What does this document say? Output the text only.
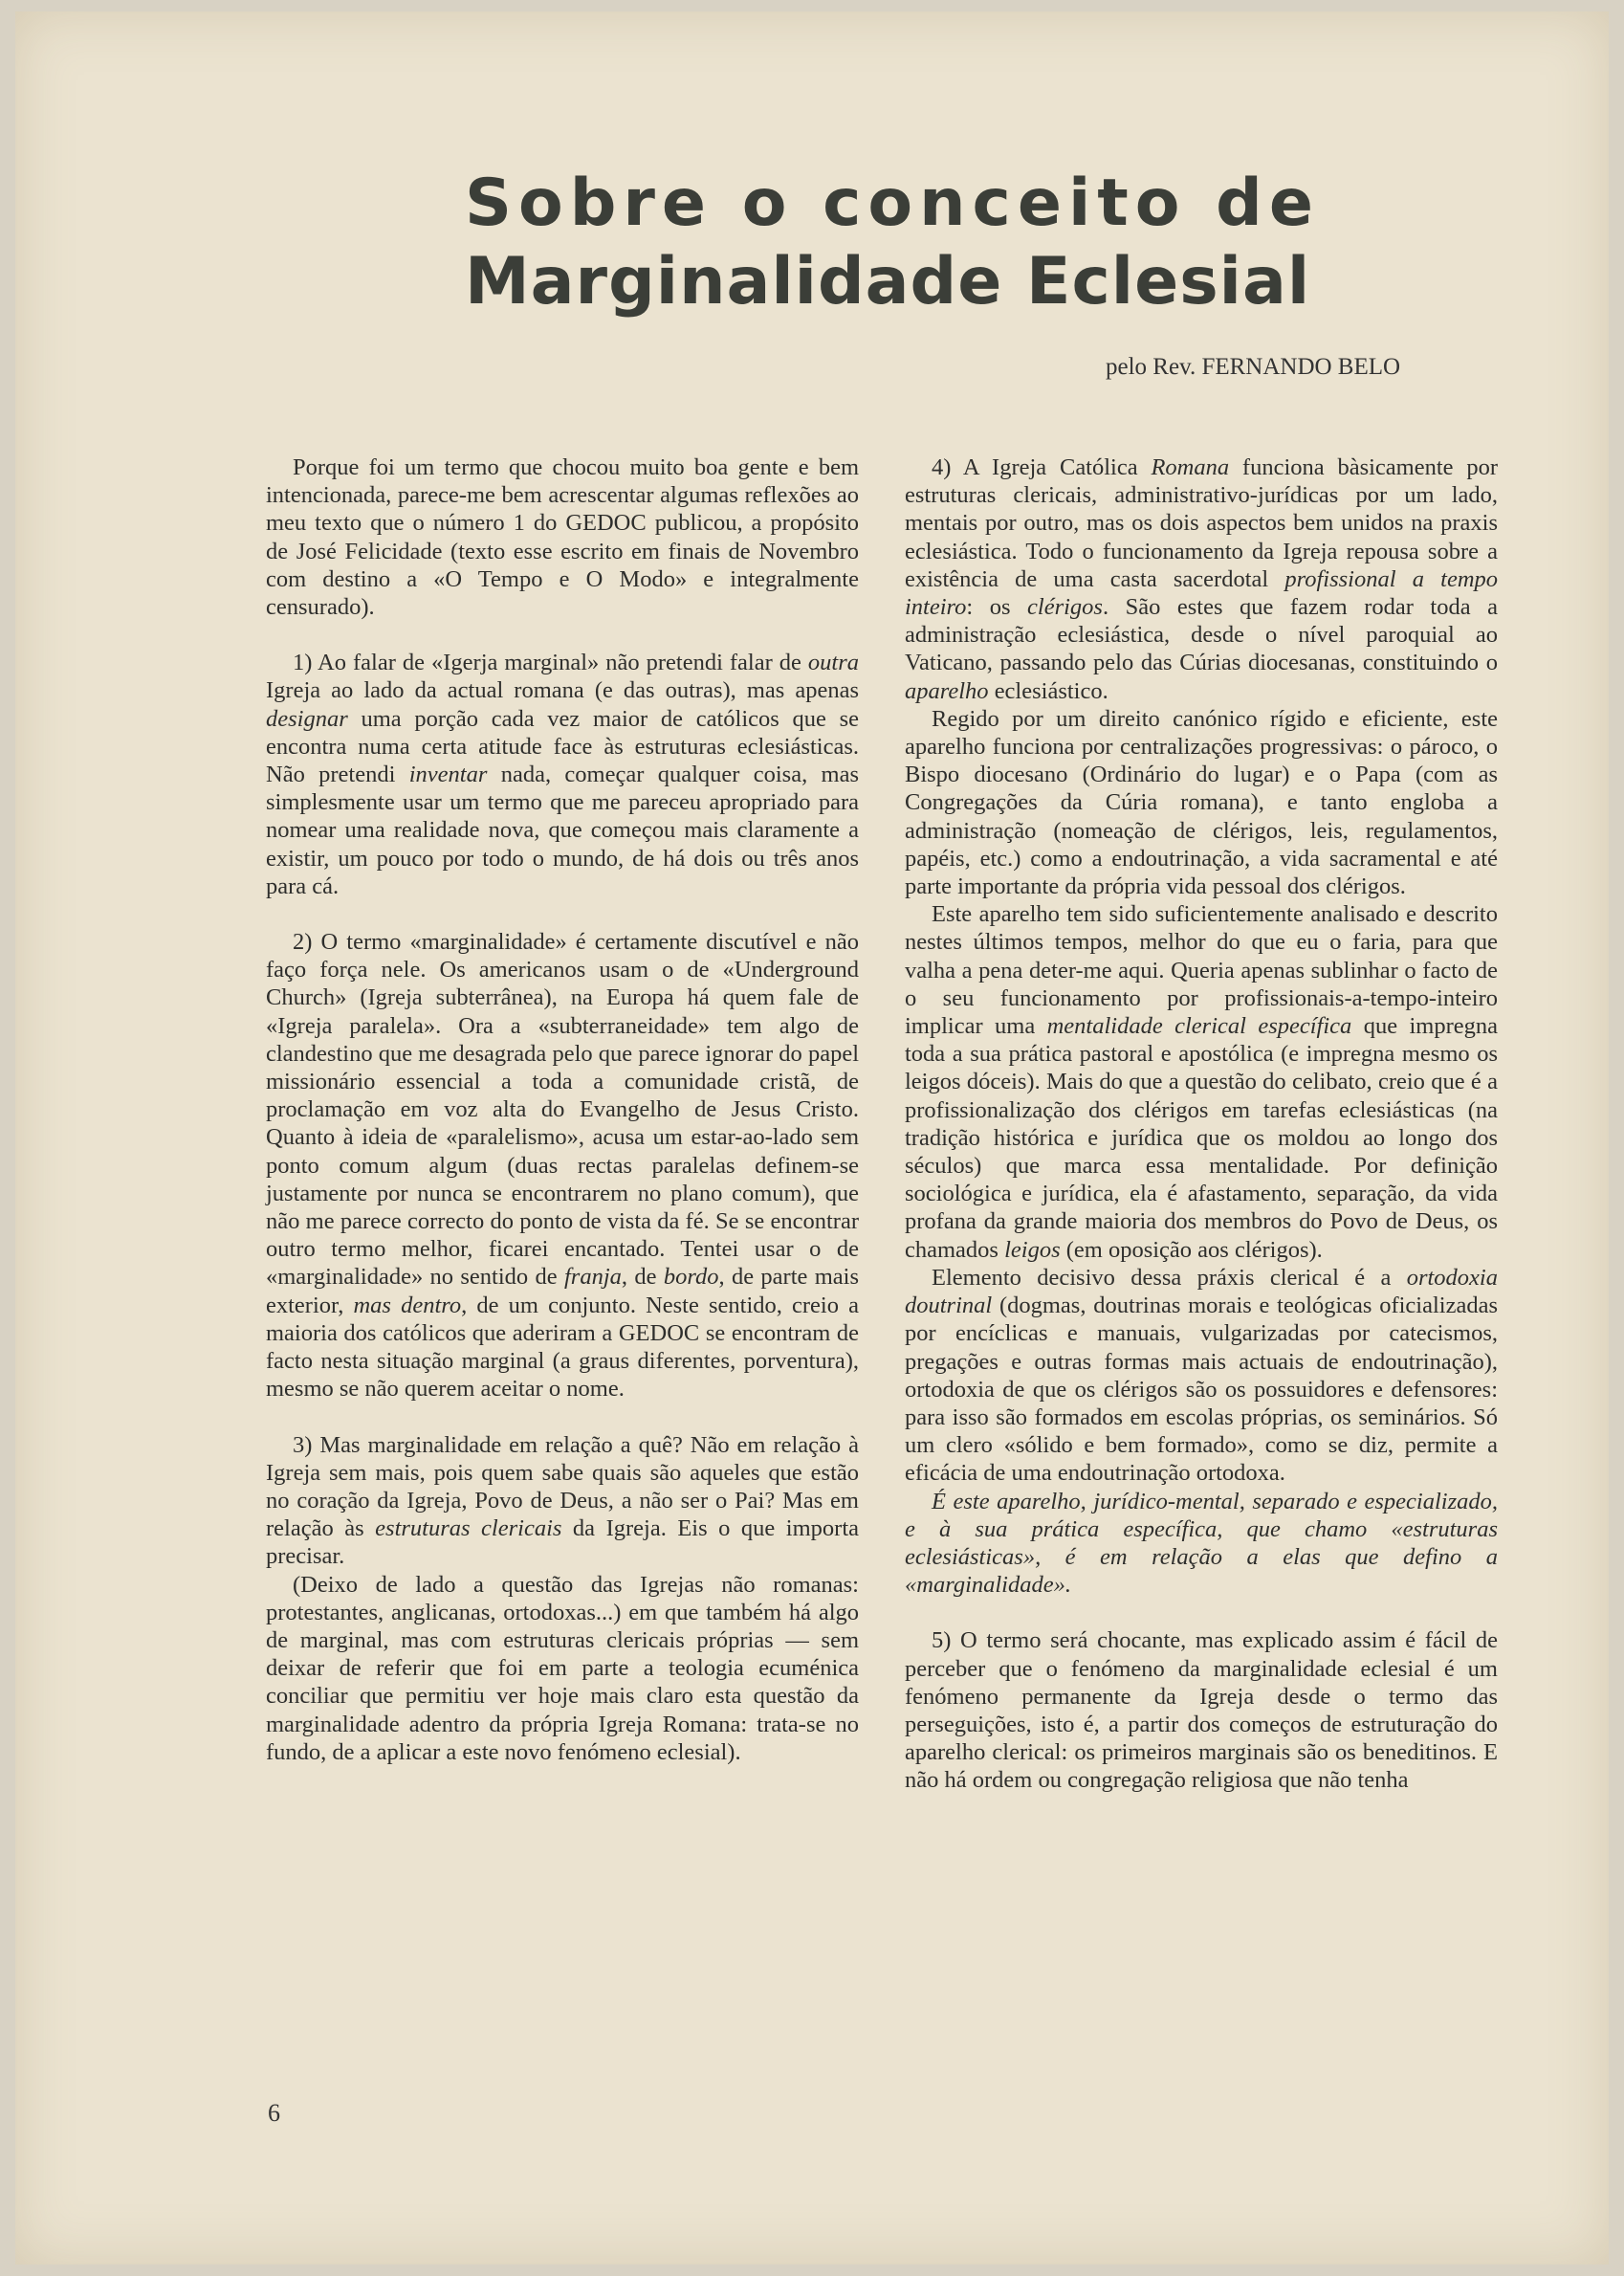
Sobre o conceito de
Marginalidade Eclesial
pelo Rev. FERNANDO BELO

Porque foi um termo que chocou muito boa gente e bem intencionada, parece-me bem acrescentar algumas reflexões ao meu texto que o número 1 do GEDOC publicou, a propósito de José Felicidade (texto esse escrito em finais de Novembro com destino a «O Tempo e O Modo» e integralmente censurado).

1) Ao falar de «Igerja marginal» não pretendi falar de outra Igreja ao lado da actual romana (e das outras), mas apenas designar uma porção cada vez maior de católicos que se encontra numa certa atitude face às estruturas eclesiásticas. Não pretendi inventar nada, começar qualquer coisa, mas simplesmente usar um termo que me pareceu apropriado para nomear uma realidade nova, que começou mais claramente a existir, um pouco por todo o mundo, de há dois ou três anos para cá.

2) O termo «marginalidade» é certamente discutível e não faço força nele. Os americanos usam o de «Underground Church» (Igreja subterrânea), na Europa há quem fale de «Igreja paralela». Ora a «subterraneidade» tem algo de clandestino que me desagrada pelo que parece ignorar do papel missionário essencial a toda a comunidade cristã, de proclamação em voz alta do Evangelho de Jesus Cristo. Quanto à ideia de «paralelismo», acusa um estar-ao-lado sem ponto comum algum (duas rectas paralelas definem-se justamente por nunca se encontrarem no plano comum), que não me parece correcto do ponto de vista da fé. Se se encontrar outro termo melhor, ficarei encantado. Tentei usar o de «marginalidade» no sentido de franja, de bordo, de parte mais exterior, mas dentro, de um conjunto. Neste sentido, creio a maioria dos católicos que aderiram a GEDOC se encontram de facto nesta situação marginal (a graus diferentes, porventura), mesmo se não querem aceitar o nome.

3) Mas marginalidade em relação a quê? Não em relação à Igreja sem mais, pois quem sabe quais são aqueles que estão no coração da Igreja, Povo de Deus, a não ser o Pai? Mas em relação às estruturas clericais da Igreja. Eis o que importa precisar.

(Deixo de lado a questão das Igrejas não romanas: protestantes, anglicanas, ortodoxas...) em que também há algo de marginal, mas com estruturas clericais próprias — sem deixar de referir que foi em parte a teologia ecuménica conciliar que permitiu ver hoje mais claro esta questão da marginalidade adentro da própria Igreja Romana: trata-se no fundo, de a aplicar a este novo fenómeno eclesial).

4) A Igreja Católica Romana funciona bàsicamente por estruturas clericais, administrativo-jurídicas por um lado, mentais por outro, mas os dois aspectos bem unidos na praxis eclesiástica. Todo o funcionamento da Igreja repousa sobre a existência de uma casta sacerdotal profissional a tempo inteiro: os clérigos. São estes que fazem rodar toda a administração eclesiástica, desde o nível paroquial ao Vaticano, passando pelo das Cúrias diocesanas, constituindo o aparelho eclesiástico.

Regido por um direito canónico rígido e eficiente, este aparelho funciona por centralizações progressivas: o pároco, o Bispo diocesano (Ordinário do lugar) e o Papa (com as Congregações da Cúria romana), e tanto engloba a administração (nomeação de clérigos, leis, regulamentos, papéis, etc.) como a endoutrinação, a vida sacramental e até parte importante da própria vida pessoal dos clérigos.

Este aparelho tem sido suficientemente analisado e descrito nestes últimos tempos, melhor do que eu o faria, para que valha a pena deter-me aqui. Queria apenas sublinhar o facto de o seu funcionamento por profissionais-a-tempo-inteiro implicar uma mentalidade clerical específica que impregna toda a sua prática pastoral e apostólica (e impregna mesmo os leigos dóceis). Mais do que a questão do celibato, creio que é a profissionalização dos clérigos em tarefas eclesiásticas (na tradição histórica e jurídica que os moldou ao longo dos séculos) que marca essa mentalidade. Por definição sociológica e jurídica, ela é afastamento, separação, da vida profana da grande maioria dos membros do Povo de Deus, os chamados leigos (em oposição aos clérigos).

Elemento decisivo dessa práxis clerical é a ortodoxia doutrinal (dogmas, doutrinas morais e teológicas oficializadas por encíclicas e manuais, vulgarizadas por catecismos, pregações e outras formas mais actuais de endoutrinação), ortodoxia de que os clérigos são os possuidores e defensores: para isso são formados em escolas próprias, os seminários. Só um clero «sólido e bem formado», como se diz, permite a eficácia de uma endoutrinação ortodoxa.

É este aparelho, jurídico-mental, separado e especializado, e à sua prática específica, que chamo «estruturas eclesiásticas», é em relação a elas que defino a «marginalidade».

5) O termo será chocante, mas explicado assim é fácil de perceber que o fenómeno da marginalidade eclesial é um fenómeno permanente da Igreja desde o termo das perseguições, isto é, a partir dos começos de estruturação do aparelho clerical: os primeiros marginais são os beneditinos. E não há ordem ou congregação religiosa que não tenha

6
